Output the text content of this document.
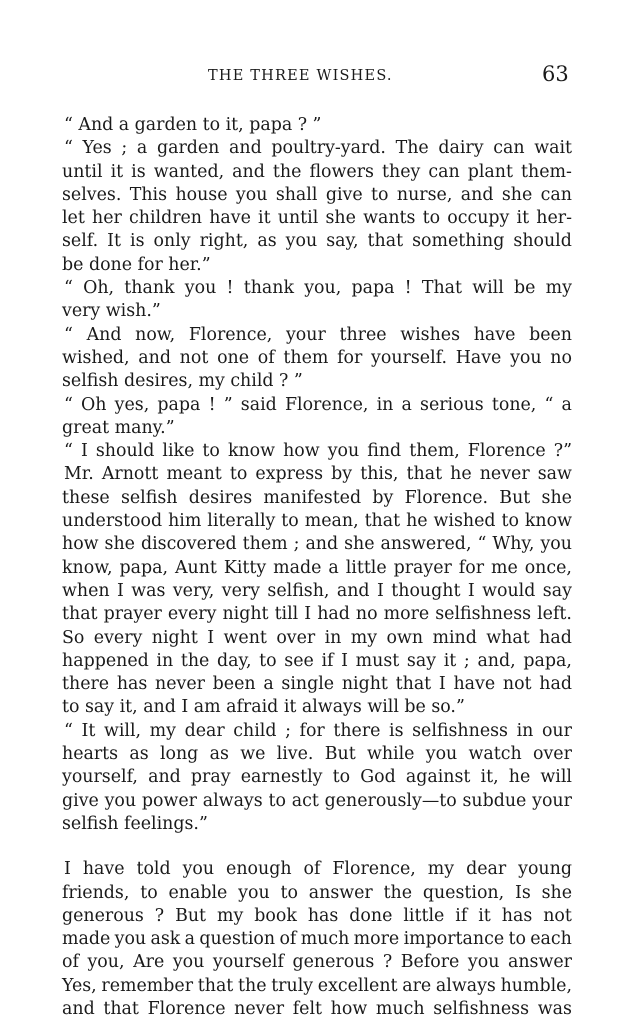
THE THREE WISHES.	63
“ And a garden to it, papa ? ”
“ Yes ; a garden and poultry-yard. The dairy can wait
until it is wanted, and the flowers they can plant them-
selves. This house you shall give to nurse, and she can
let her children have it until she wants to occupy it her-
self. It is only right, as you say, that something should
be done for her.”
“ Oh, thank you ! thank you, papa ! That will be my
very wish.”
“ And now, Florence, your three wishes have been
wished, and not one of them for yourself. Have you no
selfish desires, my child ? ”
“ Oh yes, papa ! ” said Florence, in a serious tone, “ a
great many.”
“ I should like to know how you find them, Florence ?”
Mr. Arnott meant to express by this, that he never saw
these selfish desires manifested by Florence. But she
understood him literally to mean, that he wished to know
how she discovered them ; and she answered, “ Why, you
know, papa, Aunt Kitty made a little prayer for me once,
when I was very, very selfish, and I thought I would say
that prayer every night till I had no more selfishness left.
So every night I went over in my own mind what had
happened in the day, to see if I must say it ; and, papa,
there has never been a single night that I have not had
to say it, and I am afraid it always will be so.”
“ It will, my dear child ; for there is selfishness in our
hearts as long as we live. But while you watch over
yourself, and pray earnestly to God against it, he will
give you power always to act generously—to subdue your
selfish feelings.”
I have told you enough of Florence, my dear young
friends, to enable you to answer the question, Is she
generous ? But my book has done little if it has not
made you ask a question of much more importance to each
of you, Are you yourself generous ? Before you answer
Yes, remember that the truly excellent are always humble,
and that Florence never felt how much selfishness was
